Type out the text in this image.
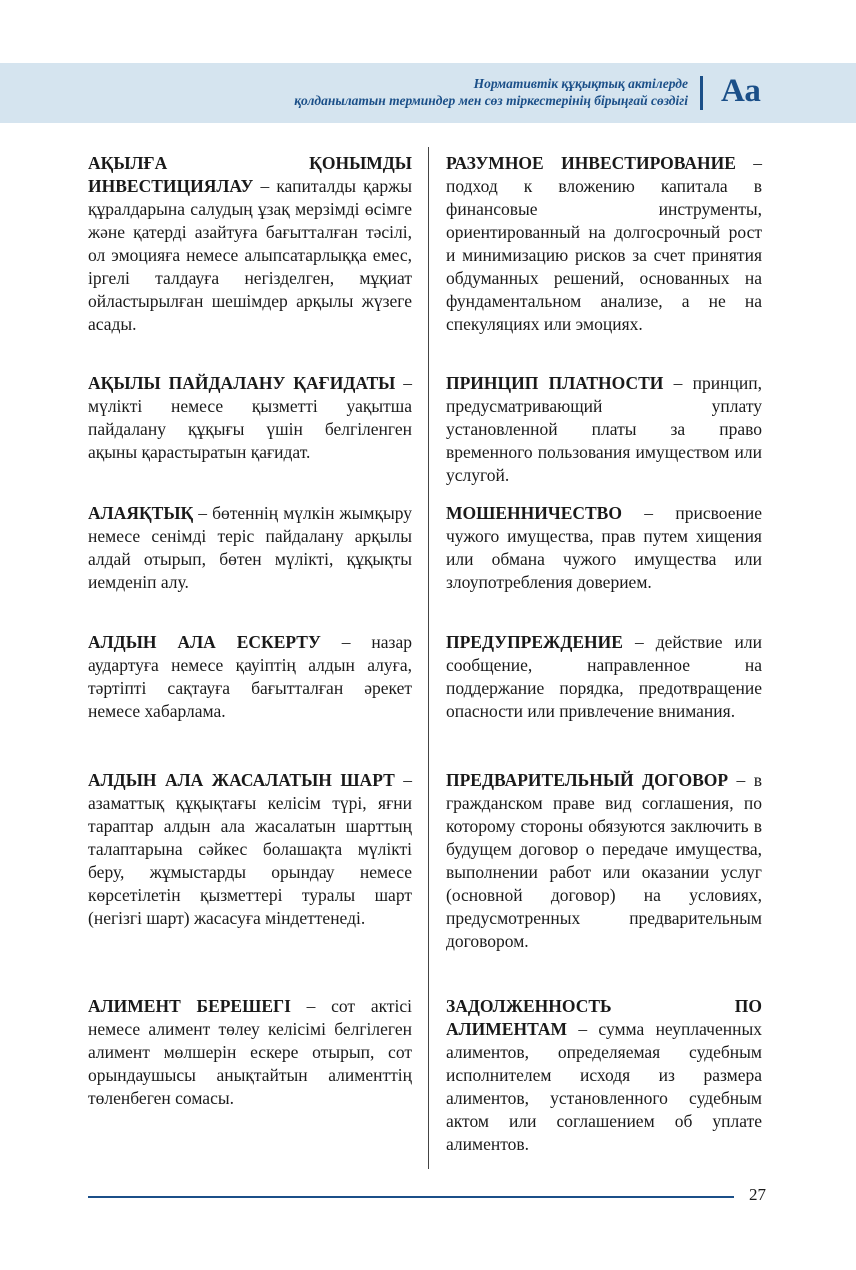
Нормативтік құқықтық актілерде
қолданылатын терминдер мен сөз тіркестерінің бірыңғай сөздігі Аа
АҚЫЛҒА ҚОНЫМДЫ ИНВЕСТИЦИЯЛАУ – капиталды қаржы құралдарына салудың ұзақ мерзімді өсімге және қатерді азайтуға бағытталған тәсілі, ол эмоцияға немесе алыпсатарлыққа емес, іргелі талдауға негізделген, мұқиат ойластырылған шешімдер арқылы жүзеге асады.
РАЗУМНОЕ ИНВЕСТИРОВАНИЕ – подход к вложению капитала в финансовые инструменты, ориентированный на долгосрочный рост и минимизацию рисков за счет принятия обдуманных решений, основанных на фундаментальном анализе, а не на спекуляциях или эмоциях.
АҚЫЛЫ ПАЙДАЛАНУ ҚАҒИДАТЫ – мүлікті немесе қызметті уақытша пайдалану құқығы үшін белгіленген ақыны қарастыратын қағидат.
ПРИНЦИП ПЛАТНОСТИ – принцип, предусматривающий уплату установленной платы за право временного пользования имуществом или услугой.
АЛАЯҚТЫҚ – бөтеннің мүлкін жымқыру немесе сенімді теріс пайдалану арқылы алдай отырып, бөтен мүлікті, құқықты иемденіп алу.
МОШЕННИЧЕСТВО – присвоение чужого имущества, прав путем хищения или обмана чужого имущества или злоупотребления доверием.
АЛДЫН АЛА ЕСКЕРТУ – назар аудартуға немесе қауіптің алдын алуға, тәртіпті сақтауға бағытталған әрекет немесе хабарлама.
ПРЕДУПРЕЖДЕНИЕ – действие или сообщение, направленное на поддержание порядка, предотвращение опасности или привлечение внимания.
АЛДЫН АЛА ЖАСАЛАТЫН ШАРТ – азаматтық құқықтағы келісім түрі, яғни тараптар алдын ала жасалатын шарттың талаптарына сәйкес болашақта мүлікті беру, жұмыстарды орындау немесе көрсетілетін қызметтері туралы шарт (негізгі шарт) жасасуға міндеттенеді.
ПРЕДВАРИТЕЛЬНЫЙ ДОГОВОР – в гражданском праве вид соглашения, по которому стороны обязуются заключить в будущем договор о передаче имущества, выполнении работ или оказании услуг (основной договор) на условиях, предусмотренных предварительным договором.
АЛИМЕНТ БЕРЕШЕГІ – сот актісі немесе алимент төлеу келісімі белгілеген алимент мөлшерін ескере отырып, сот орындаушысы анықтайтын алименттің төленбеген сомасы.
ЗАДОЛЖЕННОСТЬ ПО АЛИМЕНТАМ – сумма неуплаченных алиментов, определяемая судебным исполнителем исходя из размера алиментов, установленного судебным актом или соглашением об уплате алиментов.
27
